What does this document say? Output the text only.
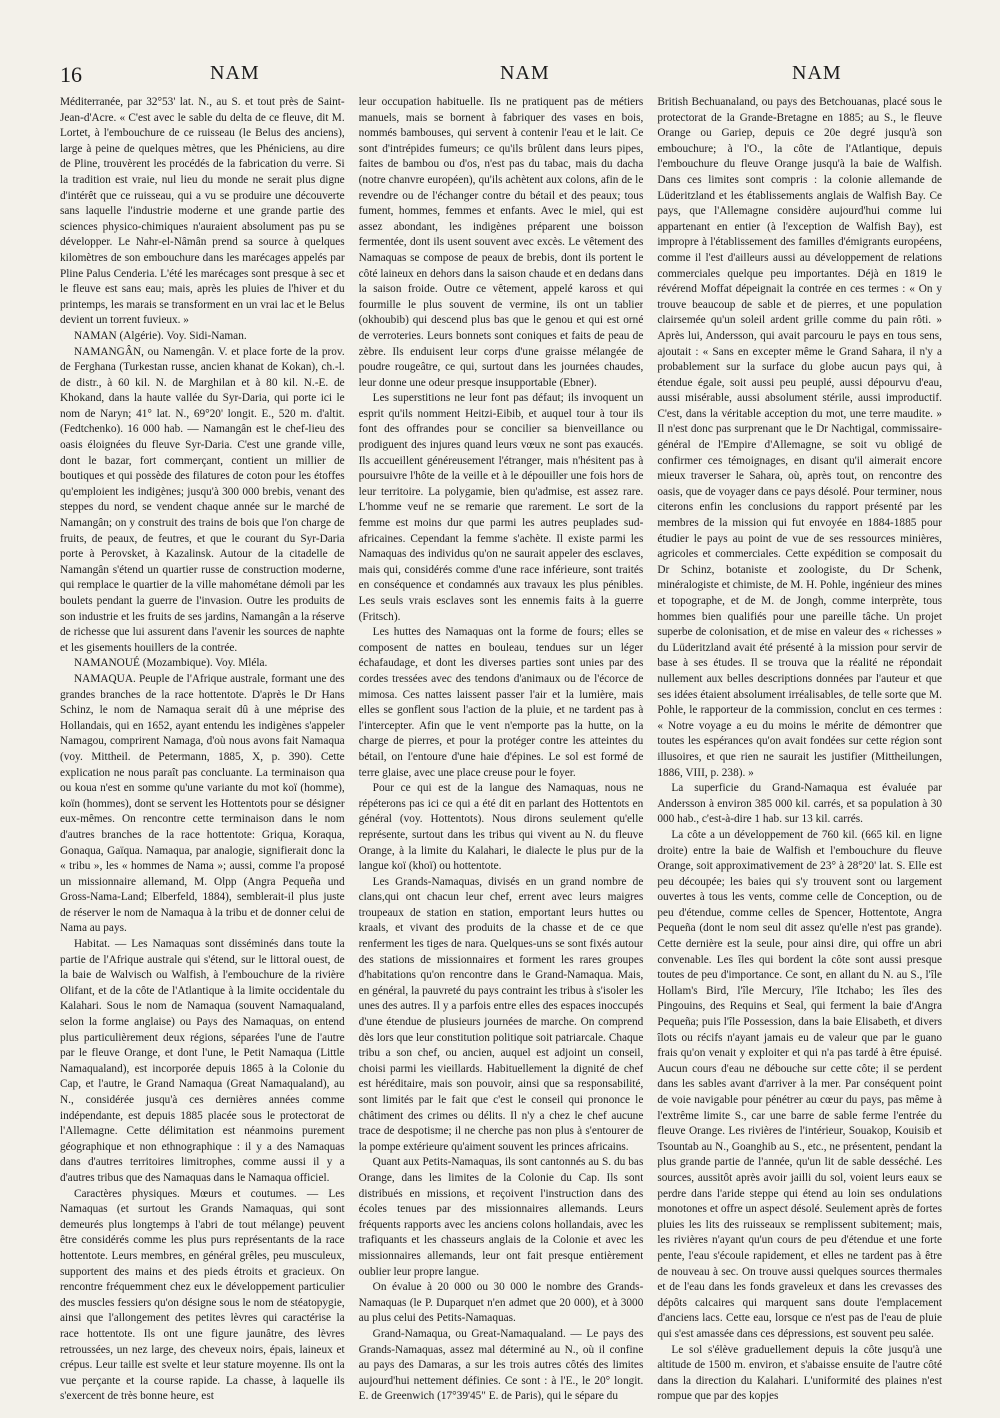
16	NAM	NAM	NAM

Méditerranée, par 32°53' lat. N., au S. et tout près de Saint-Jean-d'Acre. « C'est avec le sable du delta de ce fleuve, dit M. Lortet, à l'embouchure de ce ruisseau (le Belus des anciens), large à peine de quelques mètres, que les Phéniciens, au dire de Pline, trouvèrent les procédés de la fabrication du verre. Si la tradition est vraie, nul lieu du monde ne serait plus digne d'intérêt que ce ruisseau, qui a vu se produire une découverte sans laquelle l'industrie moderne et une grande partie des sciences physico-chimiques n'auraient absolument pas pu se développer. Le Nahr-el-Nâmân prend sa source à quelques kilomètres de son embouchure dans les marécages appelés par Pline Palus Cenderia. L'été les marécages sont presque à sec et le fleuve est sans eau; mais, après les pluies de l'hiver et du printemps, les marais se transforment en un vrai lac et le Belus devient un torrent fuvieux. »

NAMAN (Algérie). Voy. Sidi-Naman.

NAMANGÂN, ou Namengân. V. et place forte de la prov. de Ferghana (Turkestan russe, ancien khanat de Kokan), ch.-l. de distr., à 60 kil. N. de Marghilan et à 80 kil. N.-E. de Khokand, dans la haute vallée du Syr-Daria, qui porte ici le nom de Naryn; 41° lat. N., 69°20' longit. E., 520 m. d'altit. (Fedtchenko). 16 000 hab. — Namangân est le chef-lieu des oasis éloignées du fleuve Syr-Daria. C'est une grande ville, dont le bazar, fort commerçant, contient un millier de boutiques et qui possède des filatures de coton pour les étoffes qu'emploient les indigènes; jusqu'à 300 000 brebis, venant des steppes du nord, se vendent chaque année sur le marché de Namangân; on y construit des trains de bois que l'on charge de fruits, de peaux, de feutres, et que le courant du Syr-Daria porte à Perovsket, à Kazalinsk. Autour de la citadelle de Namangân s'étend un quartier russe de construction moderne, qui remplace le quartier de la ville mahométane démoli par les boulets pendant la guerre de l'invasion. Outre les produits de son industrie et les fruits de ses jardins, Namangân a la réserve de richesse que lui assurent dans l'avenir les sources de naphte et les gisements houillers de la contrée.

NAMANOUÉ (Mozambique). Voy. Mléla.

NAMAQUA. Peuple de l'Afrique australe, formant une des grandes branches de la race hottentote. D'après le Dr Hans Schinz, le nom de Namaqua serait dû à une méprise des Hollandais, qui en 1652, ayant entendu les indigènes s'appeler Namagou, comprirent Namaga, d'où nous avons fait Namaqua (voy. Mittheil. de Petermann, 1885, X, p. 390). Cette explication ne nous paraît pas concluante. La terminaison qua ou koua n'est en somme qu'une variante du mot koï (homme), koïn (hommes), dont se servent les Hottentots pour se désigner eux-mêmes. On rencontre cette terminaison dans le nom d'autres branches de la race hottentote: Griqua, Koraqua, Gonaqua, Gaïqua. Namaqua, par analogie, signifierait donc la « tribu », les « hommes de Nama »; aussi, comme l'a proposé un missionnaire allemand, M. Olpp (Angra Pequeña und Gross-Nama-Land; Elberfeld, 1884), semblerait-il plus juste de réserver le nom de Namaqua à la tribu et de donner celui de Nama au pays.

Habitat. — Les Namaquas sont disséminés dans toute la partie de l'Afrique australe qui s'étend, sur le littoral ouest, de la baie de Walvisch ou Walfish, à l'embouchure de la rivière Olifant, et de la côte de l'Atlantique à la limite occidentale du Kalahari. Sous le nom de Namaqua (souvent Namaqualand, selon la forme anglaise) ou Pays des Namaquas, on entend plus particulièrement deux régions, séparées l'une de l'autre par le fleuve Orange, et dont l'une, le Petit Namaqua (Little Namaqualand), est incorporée depuis 1865 à la Colonie du Cap, et l'autre, le Grand Namaqua (Great Namaqualand), au N., considérée jusqu'à ces dernières années comme indépendante, est depuis 1885 placée sous le protectorat de l'Allemagne. Cette délimitation est néanmoins purement géographique et non ethnographique : il y a des Namaquas dans d'autres territoires limitrophes, comme aussi il y a d'autres tribus que des Namaquas dans le Namaqua officiel.

Caractères physiques. Mœurs et coutumes. — Les Namaquas (et surtout les Grands Namaquas, qui sont demeurés plus longtemps à l'abri de tout mélange) peuvent être considérés comme les plus purs représentants de la race hottentote. Leurs membres, en général grêles, peu musculeux, supportent des mains et des pieds étroits et gracieux. On rencontre fréquemment chez eux le développement particulier des muscles fessiers qu'on désigne sous le nom de stéatopygie, ainsi que l'allongement des petites lèvres qui caractérise la race hottentote. Ils ont une figure jaunâtre, des lèvres retroussées, un nez large, des cheveux noirs, épais, laineux et crépus. Leur taille est svelte et leur stature moyenne. Ils ont la vue perçante et la course rapide. La chasse, à laquelle ils s'exercent de très bonne heure, est

leur occupation habituelle. Ils ne pratiquent pas de métiers manuels, mais se bornent à fabriquer des vases en bois, nommés bambouses, qui servent à contenir l'eau et le lait. Ce sont d'intrépides fumeurs; ce qu'ils brûlent dans leurs pipes, faites de bambou ou d'os, n'est pas du tabac, mais du dacha (notre chanvre européen), qu'ils achètent aux colons, afin de le revendre ou de l'échanger contre du bétail et des peaux; tous fument, hommes, femmes et enfants. Avec le miel, qui est assez abondant, les indigènes préparent une boisson fermentée, dont ils usent souvent avec excès. Le vêtement des Namaquas se compose de peaux de brebis, dont ils portent le côté laineux en dehors dans la saison chaude et en dedans dans la saison froide. Outre ce vêtement, appelé kaross et qui fourmille le plus souvent de vermine, ils ont un tablier (okhoubib) qui descend plus bas que le genou et qui est orné de verroteries. Leurs bonnets sont coniques et faits de peau de zèbre. Ils enduisent leur corps d'une graisse mélangée de poudre rougeâtre, ce qui, surtout dans les journées chaudes, leur donne une odeur presque insupportable (Ebner).

Les superstitions ne leur font pas défaut; ils invoquent un esprit qu'ils nomment Heitzi-Eibib, et auquel tour à tour ils font des offrandes pour se concilier sa bienveillance ou prodiguent des injures quand leurs vœux ne sont pas exaucés. Ils accueillent généreusement l'étranger, mais n'hésitent pas à poursuivre l'hôte de la veille et à le dépouiller une fois hors de leur territoire. La polygamie, bien qu'admise, est assez rare. L'homme veuf ne se remarie que rarement. Le sort de la femme est moins dur que parmi les autres peuplades sud-africaines. Cependant la femme s'achète. Il existe parmi les Namaquas des individus qu'on ne saurait appeler des esclaves, mais qui, considérés comme d'une race inférieure, sont traités en conséquence et condamnés aux travaux les plus pénibles. Les seuls vrais esclaves sont les ennemis faits à la guerre (Fritsch).

Les huttes des Namaquas ont la forme de fours; elles se composent de nattes en bouleau, tendues sur un léger échafaudage, et dont les diverses parties sont unies par des cordes tressées avec des tendons d'animaux ou de l'écorce de mimosa. Ces nattes laissent passer l'air et la lumière, mais elles se gonflent sous l'action de la pluie, et ne tardent pas à l'intercepter. Afin que le vent n'emporte pas la hutte, on la charge de pierres, et pour la protéger contre les atteintes du bétail, on l'entoure d'une haie d'épines. Le sol est formé de terre glaise, avec une place creuse pour le foyer.

Pour ce qui est de la langue des Namaquas, nous ne répéterons pas ici ce qui a été dit en parlant des Hottentots en général (voy. Hottentots). Nous dirons seulement qu'elle représente, surtout dans les tribus qui vivent au N. du fleuve Orange, à la limite du Kalahari, le dialecte le plus pur de la langue koï (khoï) ou hottentote.

Les Grands-Namaquas, divisés en un grand nombre de clans,qui ont chacun leur chef, errent avec leurs maigres troupeaux de station en station, emportant leurs huttes ou kraals, et vivant des produits de la chasse et de ce que renferment les tiges de nara. Quelques-uns se sont fixés autour des stations de missionnaires et forment les rares groupes d'habitations qu'on rencontre dans le Grand-Namaqua. Mais, en général, la pauvreté du pays contraint les tribus à s'isoler les unes des autres. Il y a parfois entre elles des espaces inoccupés d'une étendue de plusieurs journées de marche. On comprend dès lors que leur constitution politique soit patriarcale. Chaque tribu a son chef, ou ancien, auquel est adjoint un conseil, choisi parmi les vieillards. Habituellement la dignité de chef est héréditaire, mais son pouvoir, ainsi que sa responsabilité, sont limités par le fait que c'est le conseil qui prononce le châtiment des crimes ou délits. Il n'y a chez le chef aucune trace de despotisme; il ne cherche pas non plus à s'entourer de la pompe extérieure qu'aiment souvent les princes africains.

Quant aux Petits-Namaquas, ils sont cantonnés au S. du bas Orange, dans les limites de la Colonie du Cap. Ils sont distribués en missions, et reçoivent l'instruction dans des écoles tenues par des missionnaires allemands. Leurs fréquents rapports avec les anciens colons hollandais, avec les trafiquants et les chasseurs anglais de la Colonie et avec les missionnaires allemands, leur ont fait presque entièrement oublier leur propre langue.

On évalue à 20 000 ou 30 000 le nombre des Grands-Namaquas (le P. Duparquet n'en admet que 20 000), et à 3000 au plus celui des Petits-Namaquas.

Grand-Namaqua, ou Great-Namaqualand. — Le pays des Grands-Namaquas, assez mal déterminé au N., où il confine au pays des Damaras, a sur les trois autres côtés des limites aujourd'hui nettement définies. Ce sont : à l'E., le 20° longit. E. de Greenwich (17°39'45" E. de Paris), qui le sépare du

British Bechuanaland, ou pays des Betchouanas, placé sous le protectorat de la Grande-Bretagne en 1885; au S., le fleuve Orange ou Gariep, depuis ce 20e degré jusqu'à son embouchure; à l'O., la côte de l'Atlantique, depuis l'embouchure du fleuve Orange jusqu'à la baie de Walfish. Dans ces limites sont compris : la colonie allemande de Lüderitzland et les établissements anglais de Walfish Bay. Ce pays, que l'Allemagne considère aujourd'hui comme lui appartenant en entier (à l'exception de Walfish Bay), est impropre à l'établissement des familles d'émigrants européens, comme il l'est d'ailleurs aussi au développement de relations commerciales quelque peu importantes. Déjà en 1819 le révérend Moffat dépeignait la contrée en ces termes : « On y trouve beaucoup de sable et de pierres, et une population clairsemée qu'un soleil ardent grille comme du pain rôti. » Après lui, Andersson, qui avait parcouru le pays en tous sens, ajoutait : « Sans en excepter même le Grand Sahara, il n'y a probablement sur la surface du globe aucun pays qui, à étendue égale, soit aussi peu peuplé, aussi dépourvu d'eau, aussi misérable, aussi absolument stérile, aussi improductif. C'est, dans la véritable acception du mot, une terre maudite. » Il n'est donc pas surprenant que le Dr Nachtigal, commissaire-général de l'Empire d'Allemagne, se soit vu obligé de confirmer ces témoignages, en disant qu'il aimerait encore mieux traverser le Sahara, où, après tout, on rencontre des oasis, que de voyager dans ce pays désolé. Pour terminer, nous citerons enfin les conclusions du rapport présenté par les membres de la mission qui fut envoyée en 1884-1885 pour étudier le pays au point de vue de ses ressources minières, agricoles et commerciales. Cette expédition se composait du Dr Schinz, botaniste et zoologiste, du Dr Schenk, minéralogiste et chimiste, de M. H. Pohle, ingénieur des mines et topographe, et de M. de Jongh, comme interprète, tous hommes bien qualifiés pour une pareille tâche. Un projet superbe de colonisation, et de mise en valeur des « richesses » du Lüderitzland avait été présenté à la mission pour servir de base à ses études. Il se trouva que la réalité ne répondait nullement aux belles descriptions données par l'auteur et que ses idées étaient absolument irréalisables, de telle sorte que M. Pohle, le rapporteur de la commission, conclut en ces termes : « Notre voyage a eu du moins le mérite de démontrer que toutes les espérances qu'on avait fondées sur cette région sont illusoires, et que rien ne saurait les justifier (Mittheilungen, 1886, VIII, p. 238). »

La superficie du Grand-Namaqua est évaluée par Andersson à environ 385 000 kil. carrés, et sa population à 30 000 hab., c'est-à-dire 1 hab. sur 13 kil. carrés.

La côte a un développement de 760 kil. (665 kil. en ligne droite) entre la baie de Walfish et l'embouchure du fleuve Orange, soit approximativement de 23° à 28°20' lat. S. Elle est peu découpée; les baies qui s'y trouvent sont ou largement ouvertes à tous les vents, comme celle de Conception, ou de peu d'étendue, comme celles de Spencer, Hottentote, Angra Pequeña (dont le nom seul dit assez qu'elle n'est pas grande). Cette dernière est la seule, pour ainsi dire, qui offre un abri convenable. Les îles qui bordent la côte sont aussi presque toutes de peu d'importance. Ce sont, en allant du N. au S., l'île Hollam's Bird, l'île Mercury, l'île Itchabo; les îles des Pingouins, des Requins et Seal, qui ferment la baie d'Angra Pequeña; puis l'île Possession, dans la baie Elisabeth, et divers îlots ou récifs n'ayant jamais eu de valeur que par le guano frais qu'on venait y exploiter et qui n'a pas tardé à être épuisé. Aucun cours d'eau ne débouche sur cette côte; il se perdent dans les sables avant d'arriver à la mer. Par conséquent point de voie navigable pour pénétrer au cœur du pays, pas même à l'extrême limite S., car une barre de sable ferme l'entrée du fleuve Orange. Les rivières de l'intérieur, Souakop, Kouisib et Tsountab au N., Goanghib au S., etc., ne présentent, pendant la plus grande partie de l'année, qu'un lit de sable desséché. Les sources, aussitôt après avoir jailli du sol, voient leurs eaux se perdre dans l'aride steppe qui étend au loin ses ondulations monotones et offre un aspect désolé. Seulement après de fortes pluies les lits des ruisseaux se remplissent subitement; mais, les rivières n'ayant qu'un cours de peu d'étendue et une forte pente, l'eau s'écoule rapidement, et elles ne tardent pas à être de nouveau à sec. On trouve aussi quelques sources thermales et de l'eau dans les fonds graveleux et dans les crevasses des dépôts calcaires qui marquent sans doute l'emplacement d'anciens lacs. Cette eau, lorsque ce n'est pas de l'eau de pluie qui s'est amassée dans ces dépressions, est souvent peu salée.

Le sol s'élève graduellement depuis la côte jusqu'à une altitude de 1500 m. environ, et s'abaisse ensuite de l'autre côté dans la direction du Kalahari. L'uniformité des plaines n'est rompue que par des kopjes
